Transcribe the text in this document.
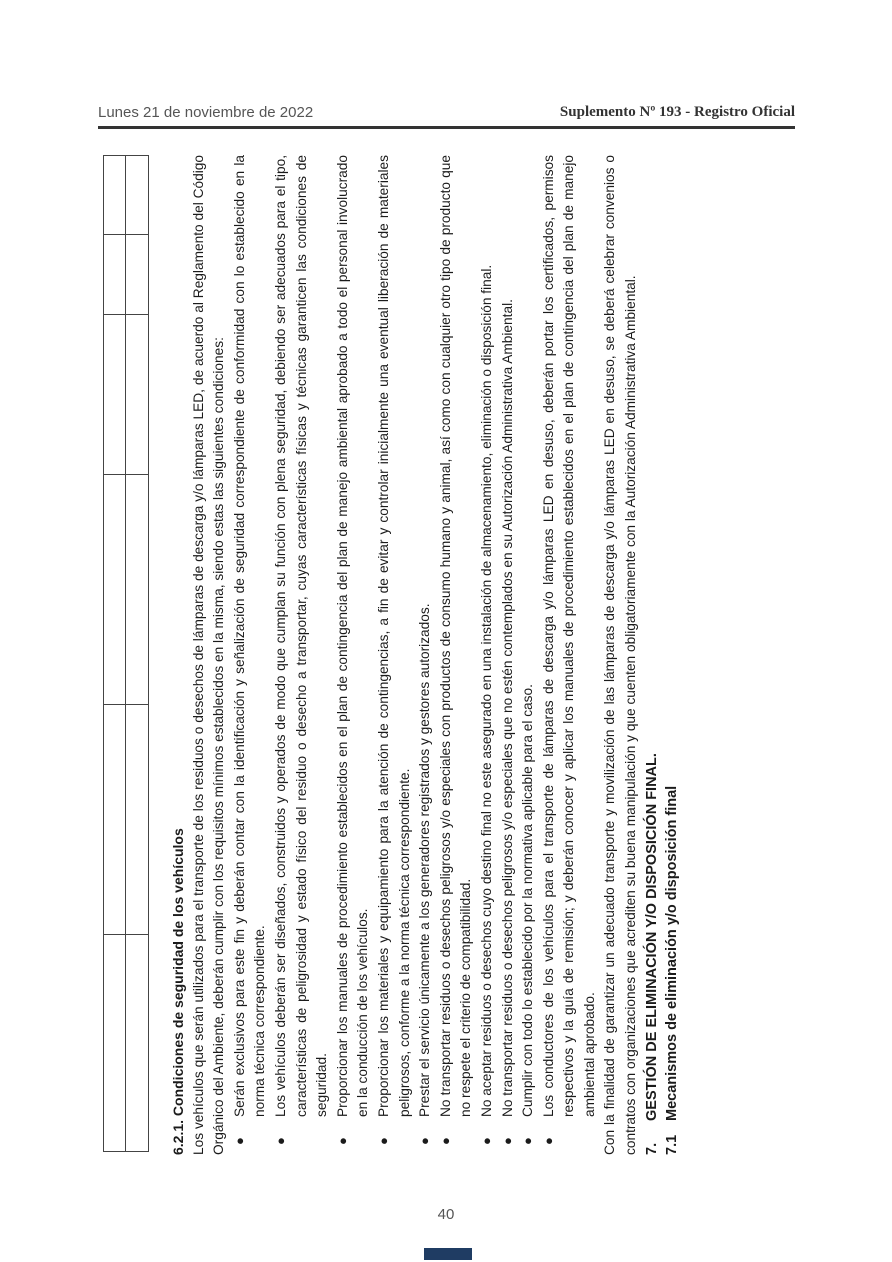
Lunes 21 de noviembre de 2022	Suplemento Nº 193 - Registro Oficial

6.2.1. Condiciones de seguridad de los vehículos Los vehículos que serán utilizados para el transporte de los residuos o desechos de lámparas de descarga y/o lámparas LED, de acuerdo al Reglamento del Código Orgánico del Ambiente, deberán cumplir con los requisitos mínimos establecidos en la misma, siendo estas las siguientes condiciones: ●
Serán exclusivos para este fin y deberán contar con la identificación y señalización de seguridad correspondiente de conformidad con lo establecido en la norma técnica correspondiente.
●
Los vehículos deberán ser diseñados, construidos y operados de modo que cumplan su función con plena seguridad, debiendo ser adecuados para el tipo, características de peligrosidad y estado físico del residuo o desecho a transportar, cuyas características físicas y técnicas garanticen las condiciones de seguridad.
●
Proporcionar los manuales de procedimiento establecidos en el plan de contingencia del plan de manejo ambiental aprobado a todo el personal involucrado en la conducción de los vehículos.
●
Proporcionar los materiales y equipamiento para la atención de contingencias, a fin de evitar y controlar inicialmente una eventual liberación de materiales peligrosos, conforme a la norma técnica correspondiente.
●
Prestar el servicio únicamente a los generadores registrados y gestores autorizados.
●
No transportar residuos o desechos peligrosos y/o especiales con productos de consumo humano y animal, así como con cualquier otro tipo de producto que no respete el criterio de compatibilidad.
●
No aceptar residuos o desechos cuyo destino final no este asegurado en una instalación de almacenamiento, eliminación o disposición final.
●
No transportar residuos o desechos peligrosos y/o especiales que no estén contemplados en su Autorización Administrativa Ambiental.
●
Cumplir con todo lo establecido por la normativa aplicable para el caso.
●
Los conductores de los vehículos para el transporte de lámparas de descarga y/o lámparas LED en desuso, deberán portar los certificados, permisos respectivos y la guía de remisión; y deberán conocer y aplicar los manuales de procedimiento establecidos en el plan de contingencia del plan de manejo ambiental aprobado. Con la finalidad de garantizar un adecuado transporte y movilización de las lámparas de descarga y/o lámparas LED en desuso, se deberá celebrar convenios o contratos con organizaciones que acrediten su buena manipulación y que cuenten obligatoriamente con la Autorización Administrativa Ambiental. 7.GESTIÓN DE ELIMINACIÓN Y/O DISPOSICIÓN FINAL.

7.1Mecanismos de eliminación y/o disposición final

40
